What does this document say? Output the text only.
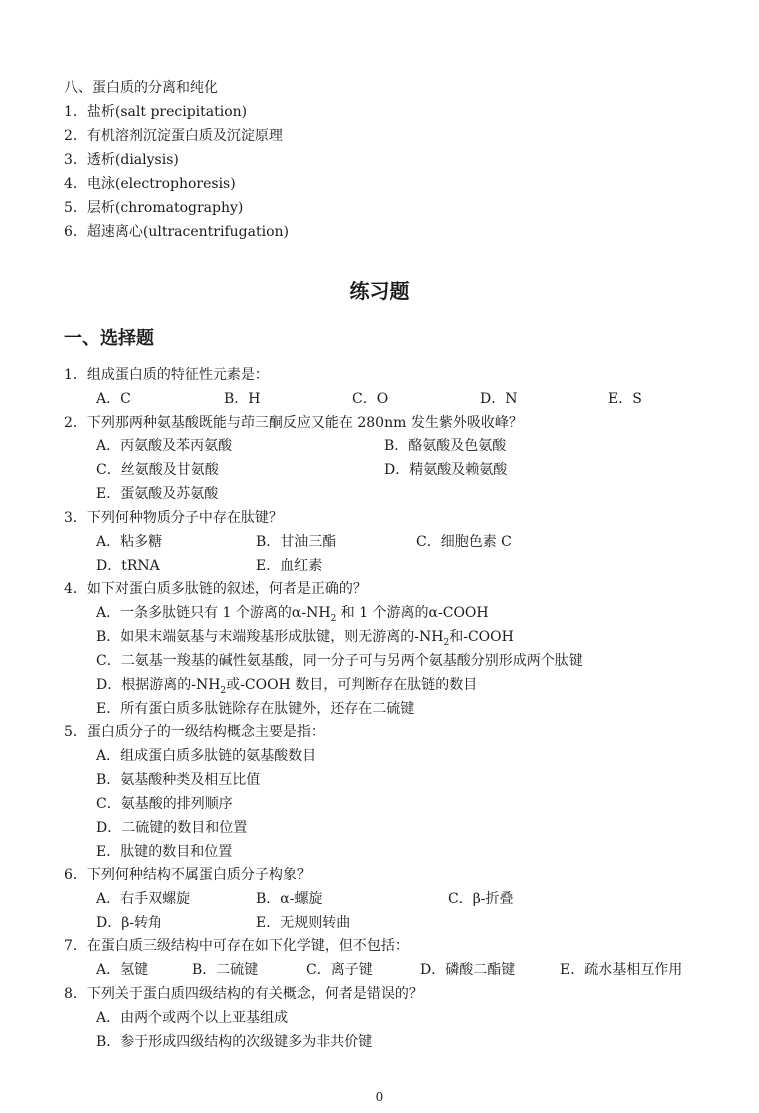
八、蛋白质的分离和纯化
1．盐析(salt precipitation)
2．有机溶剂沉淀蛋白质及沉淀原理
3．透析(dialysis)
4．电泳(electrophoresis)
5．层析(chromatography)
6．超速离心(ultracentrifugation)
练习题
一、选择题
1．组成蛋白质的特征性元素是：
A．C	B．H	C．O	D．N	E．S
2．下列那两种氨基酸既能与茚三酮反应又能在 280nm 发生紫外吸收峰？
A．丙氨酸及苯丙氨酸	B．酪氨酸及色氨酸
C．丝氨酸及甘氨酸	D．精氨酸及赖氨酸
E．蛋氨酸及苏氨酸
3．下列何种物质分子中存在肽键？
A．粘多糖	B．甘油三酯	C．细胞色素 C
D．tRNA	E．血红素
4．如下对蛋白质多肽链的叙述，何者是正确的？
A．一条多肽链只有 1 个游离的$\alpha-NH_2$ 和 1 个游离的α-COOH
B．如果末端氨基与末端羧基形成肽键，则无游离的$-NH_2$和-COOH
C．二氨基一羧基的碱性氨基酸，同一分子可与另两个氨基酸分别形成两个肽键
D．根据游离的$-NH_2$或-COOH 数目，可判断存在肽链的数目
E．所有蛋白质多肽链除存在肽键外，还存在二硫键
5．蛋白质分子的一级结构概念主要是指：
A．组成蛋白质多肽链的氨基酸数目
B．氨基酸种类及相互比值
C．氨基酸的排列顺序
D．二硫键的数目和位置
E．肽键的数目和位置
6．下列何种结构不属蛋白质分子构象？
A．右手双螺旋	B．α-螺旋	C．β-折叠
D．β-转角	E．无规则转曲
7．在蛋白质三级结构中可存在如下化学键，但不包括：
A．氢键	B．二硫键	C．离子键	D．磷酸二酯键	E．疏水基相互作用
8．下列关于蛋白质四级结构的有关概念，何者是错误的？
A．由两个或两个以上亚基组成
B．参于形成四级结构的次级键多为非共价键
0
